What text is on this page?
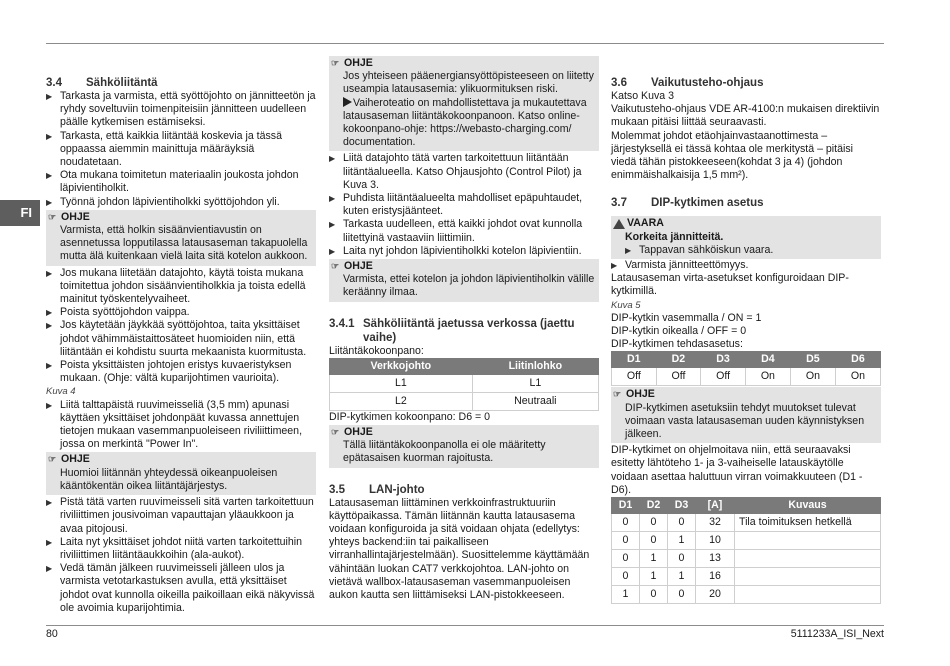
FI
3.4 Sähköliitäntä
▶ Tarkasta ja varmista, että syöttöjohto on jännitteetön ja ryhdy soveltuviin toimenpiteisiin jännitteen uudelleen päälle kytkemisen estämiseksi.
▶ Tarkasta, että kaikkia liitäntää koskevia ja tässä oppaassa aiemmin mainittuja määräyksiä noudatetaan.
▶ Ota mukana toimitetun materiaalin joukosta johdon läpivientiholkit.
▶ Työnnä johdon läpivientiholkki syöttöjohdon yli.
☞ OHJE
Varmista, että holkin sisäänvientiavustin on asennetussa lopputilassa latausaseman takapuolella mutta älä kuitenkaan vielä laita sitä kotelon aukkoon.
▶ Jos mukana liitetään datajohto, käytä toista mukana toimitettua johdon sisäänvientiholkkia ja toista edellä mainitut työskentelyvaiheet.
▶ Poista syöttöjohdon vaippa.
▶ Jos käytetään jäykkää syöttöjohtoa, taita yksittäiset johdot vähimmäistaittosäteet huomioiden niin, että liitäntään ei kohdistu suurta mekaanista kuormitusta.
▶ Poista yksittäisten johtojen eristys kuvaeristyksen mukaan. (Ohje: vältä kuparijohtimen vaurioita).
Kuva 4
▶ Liitä talttapäistä ruuvimeisseliä (3,5 mm) apunasi käyttäen yksittäiset johdonpäät kuvassa annettujen tietojen mukaan vasemmanpuoleiseen riviliittimeen, jossa on merkintä "Power In".
☞ OHJE
Huomioi liitännän yhteydessä oikeanpuoleisen kääntökentän oikea liitäntäjärjestys.
▶ Pistä tätä varten ruuvimeisseli sitä varten tarkoitettuun riviliittimen jousivoiman vapauttajan yläaukkoon ja avaa pitojousi.
▶ Laita nyt yksittäiset johdot niitä varten tarkoitettuihin riviliittimen liitäntäaukkoihin (ala-aukot).
▶ Vedä tämän jälkeen ruuvimeisseli jälleen ulos ja varmista vetotarkastuksen avulla, että yksittäiset johdot ovat kunnolla oikeilla paikoillaan eikä näkyvissä ole avoimia kuparijohtimia.
☞ OHJE
Jos yhteiseen pääenergiansyöttöpisteeseen on liitetty useampia latausasemia: ylikuormituksen riski.
Vaiheroteatio on mahdollistettava ja mukautettava latausaseman liitäntäkokoonpanoon. Katso online-kokoonpano-ohje: https://webasto-charging.com/ documentation.
▶ Liitä datajohto tätä varten tarkoitettuun liitäntään liitäntäalueella. Katso Ohjausjohto (Control Pilot) ja Kuva 3.
▶ Puhdista liitäntäalueelta mahdolliset epäpuhtaudet, kuten eristysjäänteet.
▶ Tarkasta uudelleen, että kaikki johdot ovat kunnolla liitettyinä vastaaviin liittimiin.
▶ Laita nyt johdon läpivientiholkki kotelon läpivientiin.
☞ OHJE
Varmista, ettei kotelon ja johdon läpivientiholkin välille keräänny ilmaa.
3.4.1 Sähköliitäntä jaetussa verkossa (jaettu vaihe)

Liitäntäkokoonpano:

Verkkojohto	Liitinlohko
L1	L1
L2	Neutraali

DIP-kytkimen kokoonpano: D6 = 0

☞ OHJE
Tällä liitäntäkokoonpanolla ei ole määritetty epätasaisen kuorman rajoitusta.
3.5 LAN-johto

Latausaseman liittäminen verkkoinfrastruktuuriin käyttöpaikassa. Tämän liitännän kautta latausasema voidaan konfiguroida ja sitä voidaan ohjata (edellytys: yhteys backend:iin tai paikalliseen virranhallintajärjestelmään). Suosittelemme käyttämään vähintään luokan CAT7 verkkojohtoa. LAN-johto on vietävä wallbox-latausaseman vasemmanpuoleisen aukon kautta sen liittämiseksi LAN-pistokkeeseen.

3.6 Vaikutusteho-ohjaus

Katso Kuva 3

Vaikutusteho-ohjaus VDE AR-4100:n mukaisen direktiivin mukaan pitäisi liittää seuraavasti.

Molemmat johdot etäohjainvastaanottimesta – järjestyksellä ei tässä kohtaa ole merkitystä – pitäisi viedä tähän pistokkeeseen(kohdat 3 ja 4) (johdon enimmäishalkaisija 1,5 mm²).

3.7 DIP-kytkimen asetus
VAARA
Korkeita jännitteitä.
▶ Tappavan sähköiskun vaara.
▶ Varmista jännitteettömyys.

Latausaseman virta-asetukset konfiguroidaan DIP-kytkimillä.

Kuva 5

DIP-kytkin vasemmalla / ON = 1

DIP-kytkin oikealla / OFF = 0

DIP-kytkimen tehdasasetus:

D1	D2	D3	D4	D5	D6
Off	Off	Off	On	On	On
☞ OHJE
DIP-kytkimen asetuksiin tehdyt muutokset tulevat voimaan vasta latausaseman uuden käynnistyksen jälkeen.

DIP-kytkimet on ohjelmoitava niin, että seuraavaksi esitetty lähtöteho 1- ja 3-vaiheiselle latauskäytölle voidaan asettaa haluttuun virran voimakkuuteen (D1 - D6).

D1	D2	D3	[A]	Kuvaus
0	0	0	32	Tila toimituksen hetkellä
0	0	1	10	
0	1	0	13	
0	1	1	16	
1	0	0	20	
80	5111233A_ISI_Next
